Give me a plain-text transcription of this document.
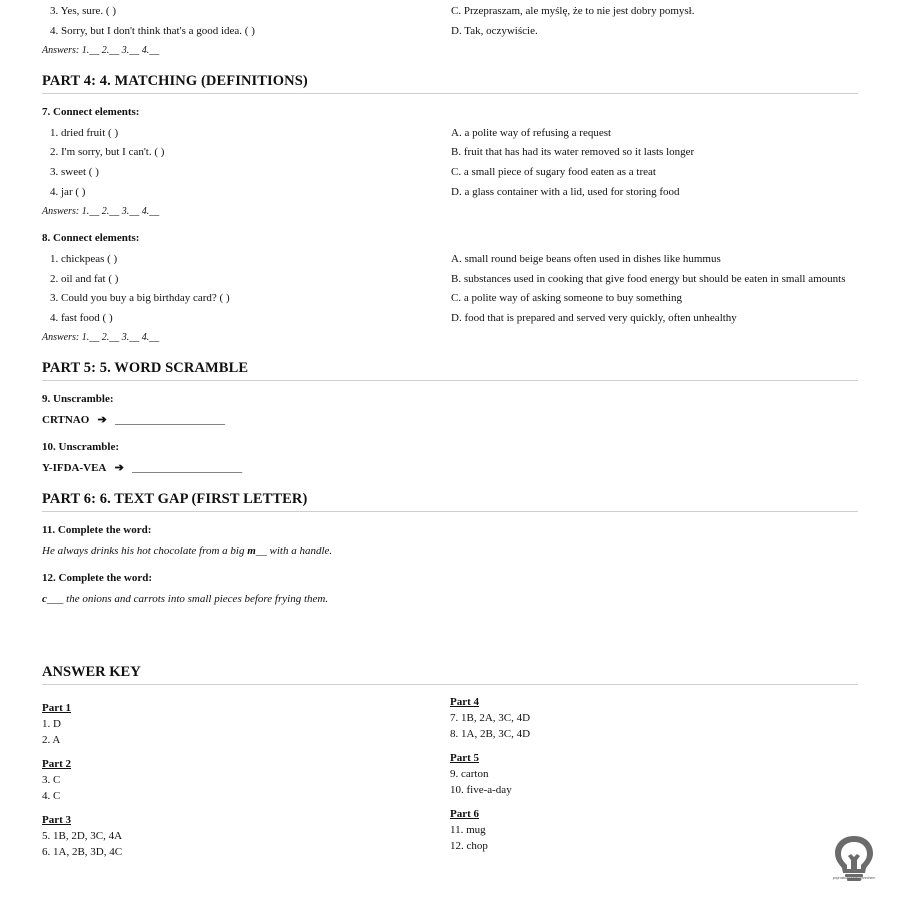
3. Yes, sure. ( )	C. Przepraszam, ale myślę, że to nie jest dobry pomysł.
4. Sorry, but I don't think that's a good idea. ( )	D. Tak, oczywiście.
Answers: 1.__ 2.__ 3.__ 4.__
PART 4: 4. MATCHING (DEFINITIONS)
7. Connect elements:
1. dried fruit ( )	A. a polite way of refusing a request
2. I'm sorry, but I can't. ( )	B. fruit that has had its water removed so it lasts longer
3. sweet ( )	C. a small piece of sugary food eaten as a treat
4. jar ( )	D. a glass container with a lid, used for storing food
Answers: 1.__ 2.__ 3.__ 4.__
8. Connect elements:
1. chickpeas ( )	A. small round beige beans often used in dishes like hummus
2. oil and fat ( )	B. substances used in cooking that give food energy but should be eaten in small amounts
3. Could you buy a big birthday card? ( )	C. a polite way of asking someone to buy something
4. fast food ( )	D. food that is prepared and served very quickly, often unhealthy
Answers: 1.__ 2.__ 3.__ 4.__
PART 5: 5. WORD SCRAMBLE
9. Unscramble:
CRTNAO ➔ ____________________
10. Unscramble:
Y-IFDA-VEA ➔ ____________________
PART 6: 6. TEXT GAP (FIRST LETTER)
11. Complete the word:
He always drinks his hot chocolate from a big m__ with a handle.
12. Complete the word:
c___ the onions and carrots into small pieces before frying them.
ANSWER KEY
Part 1
1. D
2. A
Part 2
3. C
4. C
Part 3
5. 1B, 2D, 3C, 4A
6. 1A, 2B, 3D, 4C
Part 4
7. 1B, 2A, 3C, 4D
8. 1A, 2B, 3C, 4D
Part 5
9. carton
10. five-a-day
Part 6
11. mug
12. chop
poprostuangielskigrzechem
